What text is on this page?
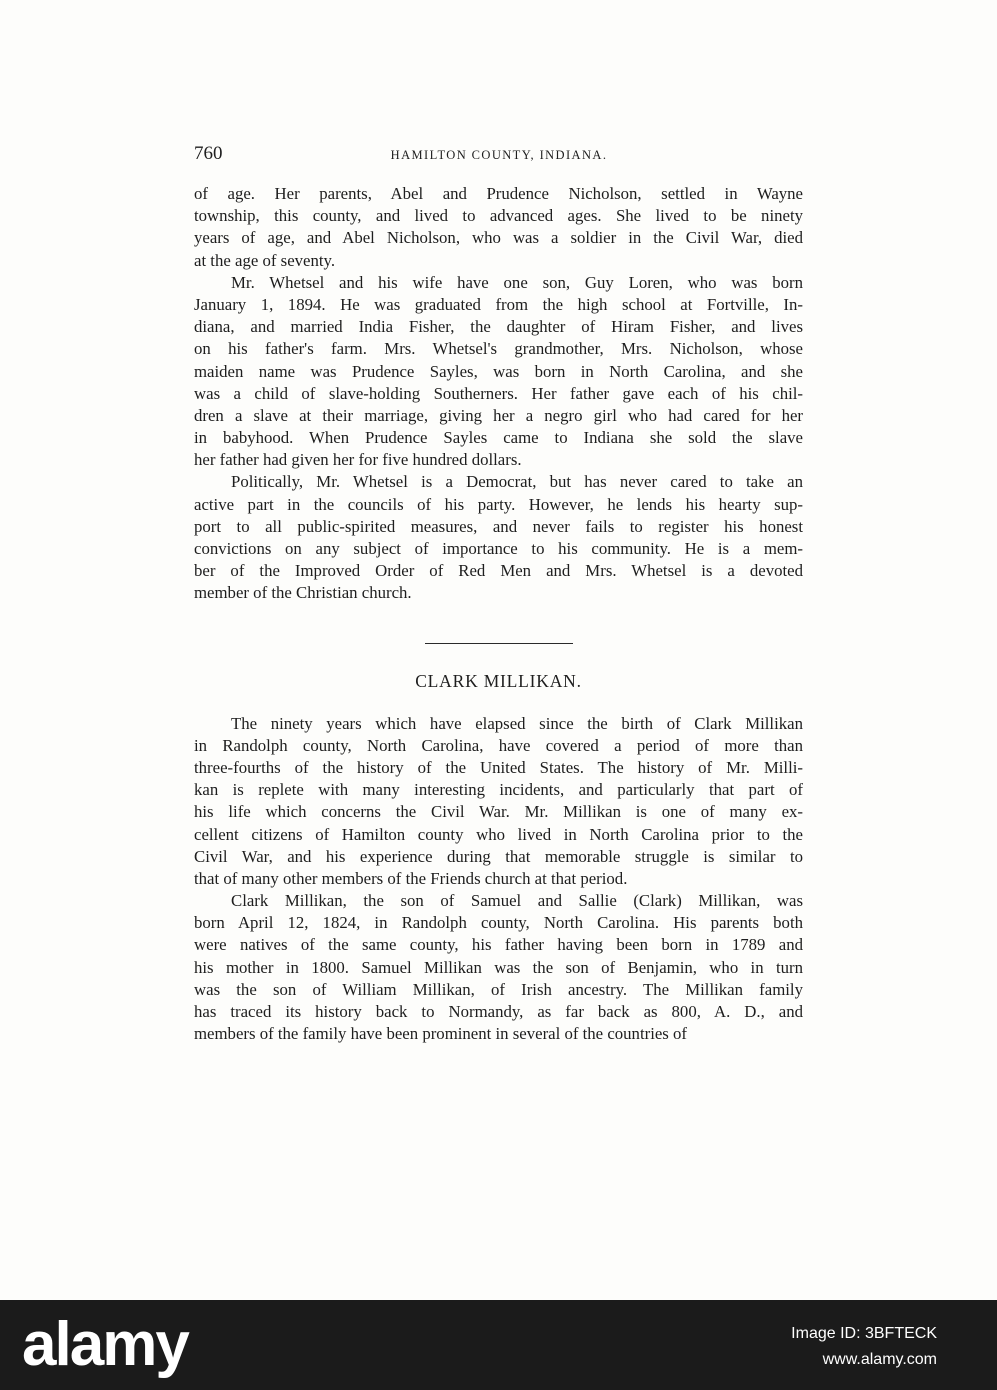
760	HAMILTON COUNTY, INDIANA.
of age. Her parents, Abel and Prudence Nicholson, settled in Wayne
township, this county, and lived to advanced ages. She lived to be ninety
years of age, and Abel Nicholson, who was a soldier in the Civil War, died
at the age of seventy.
Mr. Whetsel and his wife have one son, Guy Loren, who was born
January 1, 1894. He was graduated from the high school at Fortville, In-
diana, and married India Fisher, the daughter of Hiram Fisher, and lives
on his father's farm. Mrs. Whetsel's grandmother, Mrs. Nicholson, whose
maiden name was Prudence Sayles, was born in North Carolina, and she
was a child of slave-holding Southerners. Her father gave each of his chil-
dren a slave at their marriage, giving her a negro girl who had cared for her
in babyhood. When Prudence Sayles came to Indiana she sold the slave
her father had given her for five hundred dollars.
Politically, Mr. Whetsel is a Democrat, but has never cared to take an
active part in the councils of his party. However, he lends his hearty sup-
port to all public-spirited measures, and never fails to register his honest
convictions on any subject of importance to his community. He is a mem-
ber of the Improved Order of Red Men and Mrs. Whetsel is a devoted
member of the Christian church.
CLARK MILLIKAN.
The ninety years which have elapsed since the birth of Clark Millikan
in Randolph county, North Carolina, have covered a period of more than
three-fourths of the history of the United States. The history of Mr. Milli-
kan is replete with many interesting incidents, and particularly that part of
his life which concerns the Civil War. Mr. Millikan is one of many ex-
cellent citizens of Hamilton county who lived in North Carolina prior to the
Civil War, and his experience during that memorable struggle is similar to
that of many other members of the Friends church at that period.
Clark Millikan, the son of Samuel and Sallie (Clark) Millikan, was
born April 12, 1824, in Randolph county, North Carolina. His parents both
were natives of the same county, his father having been born in 1789 and
his mother in 1800. Samuel Millikan was the son of Benjamin, who in turn
was the son of William Millikan, of Irish ancestry. The Millikan family
has traced its history back to Normandy, as far back as 800, A. D., and
members of the family have been prominent in several of the countries of
alamy	Image ID: 3BFTECK
www.alamy.com
